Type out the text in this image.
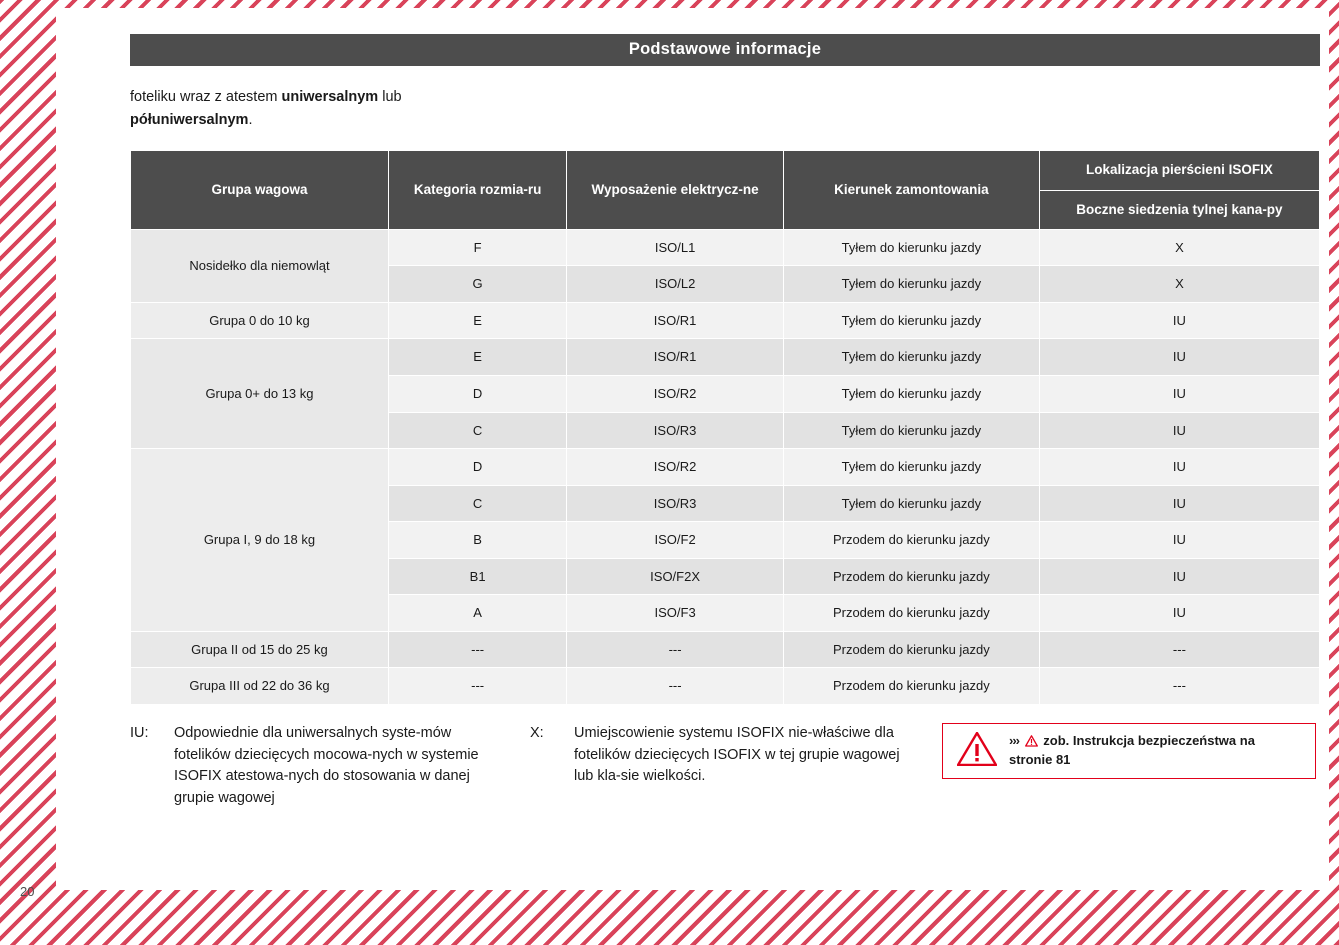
Podstawowe informacje
foteliku wraz z atestem uniwersalnym lub
półuniwersalnym.
Grupa wagowa	Kategoria rozmia-ru	Wyposażenie elektrycz-ne	Kierunek zamontowania	Lokalizacja pierścieni ISOFIX
				Boczne siedzenia tylnej kana-py
Nosidełko dla niemowląt	F	ISO/L1	Tyłem do kierunku jazdy	X
	G	ISO/L2	Tyłem do kierunku jazdy	X
Grupa 0 do 10 kg	E	ISO/R1	Tyłem do kierunku jazdy	IU
Grupa 0+ do 13 kg	E	ISO/R1	Tyłem do kierunku jazdy	IU
	D	ISO/R2	Tyłem do kierunku jazdy	IU
	C	ISO/R3	Tyłem do kierunku jazdy	IU
Grupa I, 9 do 18 kg	D	ISO/R2	Tyłem do kierunku jazdy	IU
	C	ISO/R3	Tyłem do kierunku jazdy	IU
	B	ISO/F2	Przodem do kierunku jazdy	IU
	B1	ISO/F2X	Przodem do kierunku jazdy	IU
	A	ISO/F3	Przodem do kierunku jazdy	IU
Grupa II od 15 do 25 kg	---	---	Przodem do kierunku jazdy	---
Grupa III od 22 do 36 kg	---	---	Przodem do kierunku jazdy	---
IU:	Odpowiednie dla uniwersalnych syste-mów fotelików dziecięcych mocowa-nych w systemie ISOFIX atestowa-nych do stosowania w danej grupie wagowej
X:	Umiejscowienie systemu ISOFIX nie-właściwe dla fotelików dziecięcych ISOFIX w tej grupie wagowej lub kla-sie wielkości.
››› zob. Instrukcja bezpieczeństwa na stronie 81
20
